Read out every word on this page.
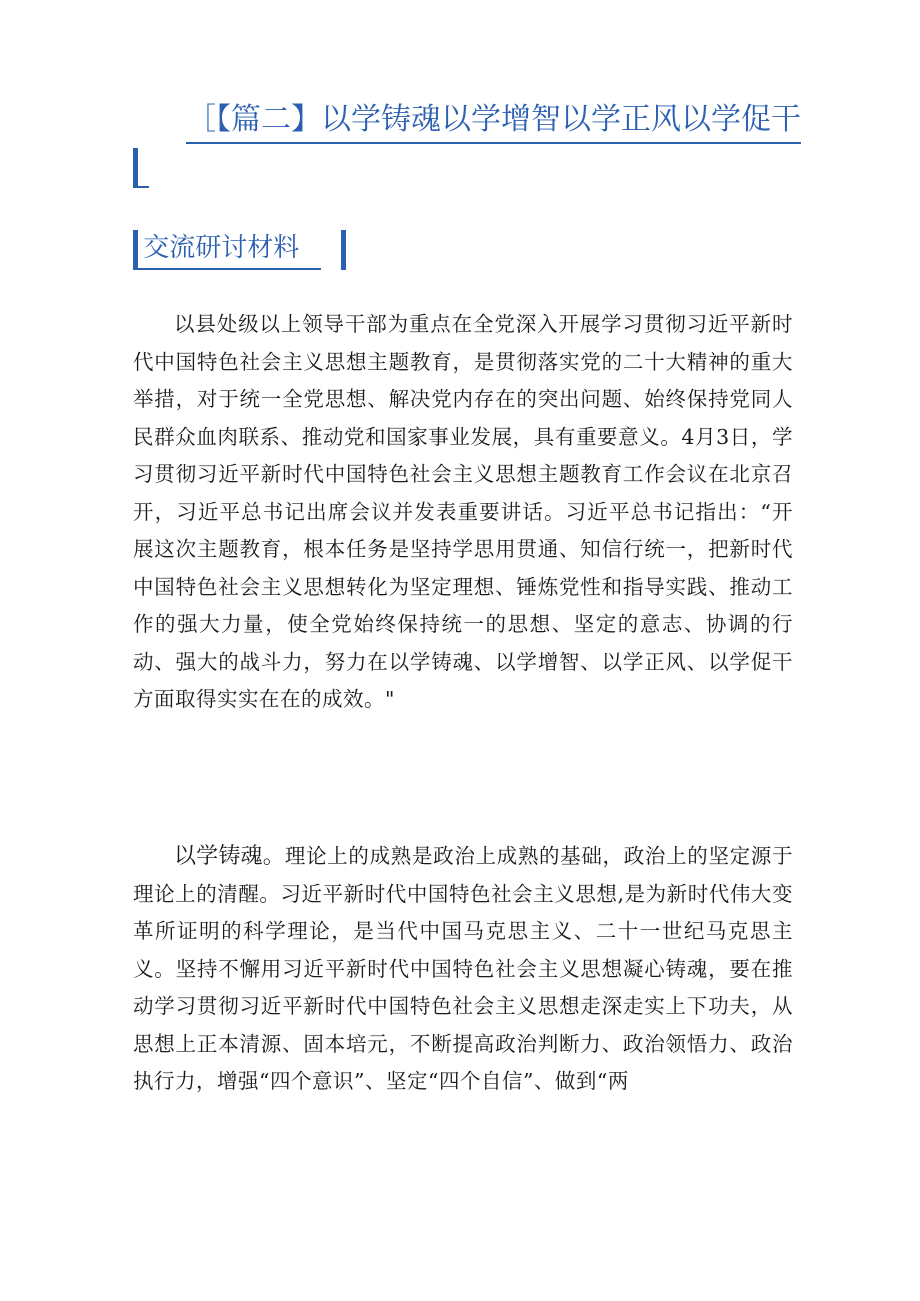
［【篇二】以学铸魂以学增智以学正风以学促干
交流研讨材料

以县处级以上领导干部为重点在全党深入开展学习贯彻习近平新时代中国特色社会主义思想主题教育，是贯彻落实党的二十大精神的重大举措，对于统一全党思想、解决党内存在的突出问题、始终保持党同人民群众血肉联系、推动党和国家事业发展，具有重要意义。4月3日，学习贯彻习近平新时代中国特色社会主义思想主题教育工作会议在北京召开，习近平总书记出席会议并发表重要讲话。习近平总书记指出：“开展这次主题教育，根本任务是坚持学思用贯通、知信行统一，把新时代中国特色社会主义思想转化为坚定理想、锤炼党性和指导实践、推动工作的强大力量，使全党始终保持统一的思想、坚定的意志、协调的行动、强大的战斗力，努力在以学铸魂、以学增智、以学正风、以学促干方面取得实实在在的成效。"

以学铸魂。理论上的成熟是政治上成熟的基础，政治上的坚定源于理论上的清醒。习近平新时代中国特色社会主义思想,是为新时代伟大变革所证明的科学理论，是当代中国马克思主义、二十一世纪马克思主义。坚持不懈用习近平新时代中国特色社会主义思想凝心铸魂，要在推动学习贯彻习近平新时代中国特色社会主义思想走深走实上下功夫，从思想上正本清源、固本培元，不断提高政治判断力、政治领悟力、政治执行力，增强“四个意识”、坚定“四个自信”、做到“两
